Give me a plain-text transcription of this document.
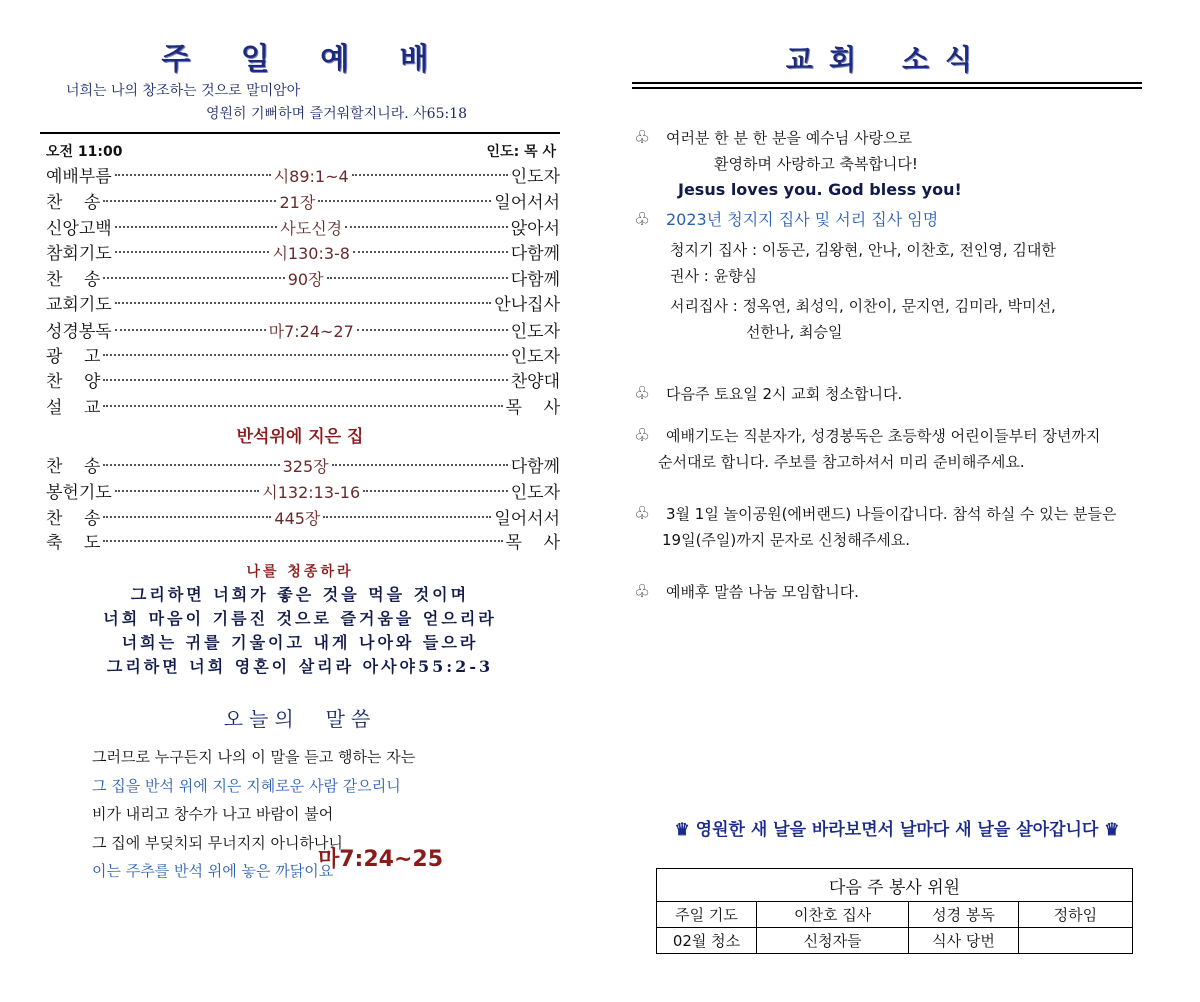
주 일 예 배
너희는 나의 창조하는 것으로 말미암아
영원히 기뻐하며 즐거워할지니라. 사65:18
오전 11:00	인도: 목 사
예배부름	시89:1~4	인도자
찬    송	21장	일어서서
신앙고백	사도신경	앉아서
참회기도	시130:3-8	다함께
찬    송	90장	다함께
교회기도	안나집사
성경봉독	마7:24~27	인도자
광    고	인도자
찬    양	찬양대
설    교	목    사
반석위에 지은 집
찬    송	325장	다함께
봉헌기도	시132:13-16	인도자
찬    송	445장	일어서서
축    도	목    사
나를 청종하라
그리하면 너희가 좋은 것을 먹을 것이며
너희 마음이 기름진 것으로 즐거움을 얻으리라
너희는 귀를 기울이고 내게 나아와 들으라
그리하면 너희 영혼이 살리라 아사야55:2-3
오늘의 말씀
그러므로 누구든지 나의 이 말을 듣고 행하는 자는
그 집을 반석 위에 지은 지혜로운 사람 같으리니
비가 내리고 창수가 나고 바람이 불어
그 집에 부딪치되 무너지지 아니하나니
이는 주추를 반석 위에 놓은 까닭이요
마7:24~25
교회 소식
♧ 여러분 한 분 한 분을 예수님 사랑으로
환영하며 사랑하고 축복합니다!
Jesus loves you. God bless you!
♧ 2023년 청지지 집사 및 서리 집사 임명
청지기 집사 : 이동곤, 김왕현, 안나, 이찬호, 전인영, 김대한
권사 : 윤향심
서리집사 : 정옥연, 최성익, 이찬이, 문지연, 김미라, 박미선,
선한나, 최승일
♧ 다음주 토요일 2시 교회 청소합니다.
♧ 예배기도는 직분자가, 성경봉독은 초등학생 어린이들부터 장년까지
순서대로 합니다. 주보를 참고하셔서 미리 준비해주세요.
♧ 3월 1일 놀이공원(에버랜드) 나들이갑니다. 참석 하실 수 있는 분들은
19일(주일)까지 문자로 신청해주세요.
♧ 예배후 말씀 나눔 모임합니다.
♛ 영원한 새 날을 바라보면서 날마다 새 날을 살아갑니다 ♛
다음 주 봉사 위원			
주일 기도	이찬호 집사	성경 봉독	정하임
02월 청소	신청자들	식사 당번	
